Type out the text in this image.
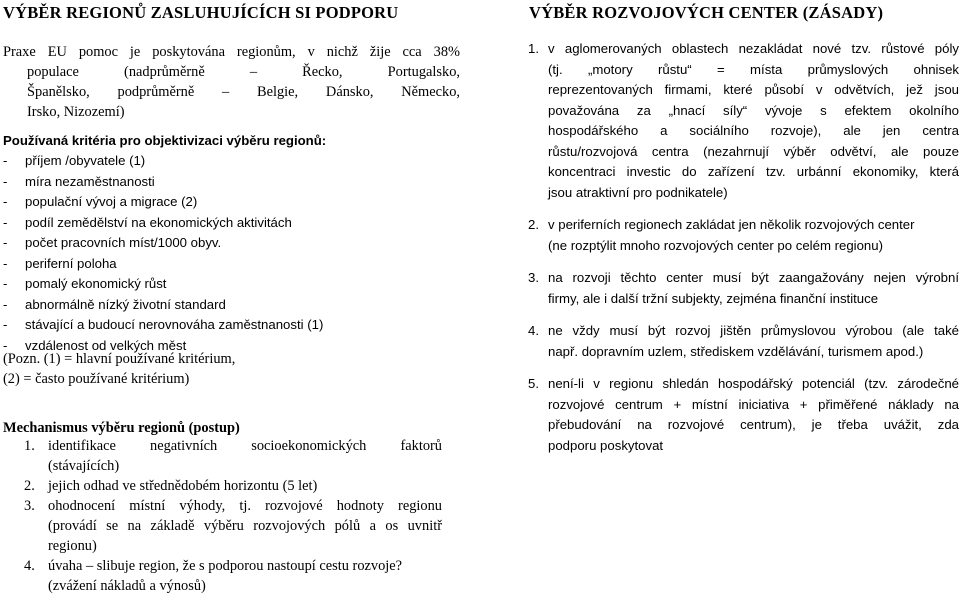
VÝBĚR REGIONŮ ZASLUHUJÍCÍCH SI PODPORU
Praxe EU pomoc je poskytována regionům, v nichž žije cca 38%
populace (nadprůměrně – Řecko, Portugalsko,
Španělsko, podprůměrně – Belgie, Dánsko, Německo,
Irsko, Nizozemí)
Používaná kritéria pro objektivizaci výběru regionů:
- příjem /obyvatele (1)
- míra nezaměstnanosti
- populační vývoj a migrace (2)
- podíl zemědělství na ekonomických aktivitách
- počet pracovních míst/1000 obyv.
- periferní poloha
- pomalý ekonomický růst
- abnormálně nízký životní standard
- stávající a budoucí nerovnováha zaměstnanosti (1)
- vzdálenost od velkých měst
(Pozn. (1) = hlavní používané kritérium,
(2) = často používané kritérium)
Mechanismus výběru regionů (postup)
1. identifikace negativních socioekonomických faktorů
(stávajících)
2. jejich odhad ve střednědobém horizontu (5 let)
3. ohodnocení místní výhody, tj. rozvojové hodnoty regionu
(provádí se na základě výběru rozvojových pólů a os uvnitř
regionu)
4. úvaha – slibuje region, že s podporou nastoupí cestu rozvoje?
(zvážení nákladů a výnosů)
VÝBĚR ROZVOJOVÝCH CENTER (ZÁSADY)
1. v aglomerovaných oblastech nezakládat nové tzv. růstové póly
(tj. „motory růstu“ = místa průmyslových ohnisek
reprezentovaných firmami, které působí v odvětvích, jež jsou
považována za „hnací síly“ vývoje s efektem okolního
hospodářského a sociálního rozvoje), ale jen centra
růstu/rozvojová centra (nezahrnují výběr odvětví, ale pouze
koncentraci investic do zařízení tzv. urbánní ekonomiky, která
jsou atraktivní pro podnikatele)
2. v periferních regionech zakládat jen několik rozvojových center
(ne rozptýlit mnoho rozvojových center po celém regionu)
3. na rozvoji těchto center musí být zaangažovány nejen výrobní
firmy, ale i další tržní subjekty, zejména finanční instituce
4. ne vždy musí být rozvoj jištěn průmyslovou výrobou (ale také
např. dopravním uzlem, střediskem vzdělávání, turismem apod.)
5. není-li v regionu shledán hospodářský potenciál (tzv. zárodečné
rozvojové centrum + místní iniciativa + přiměřené náklady na
přebudování na rozvojové centrum), je třeba uvážit, zda
podporu poskytovat
